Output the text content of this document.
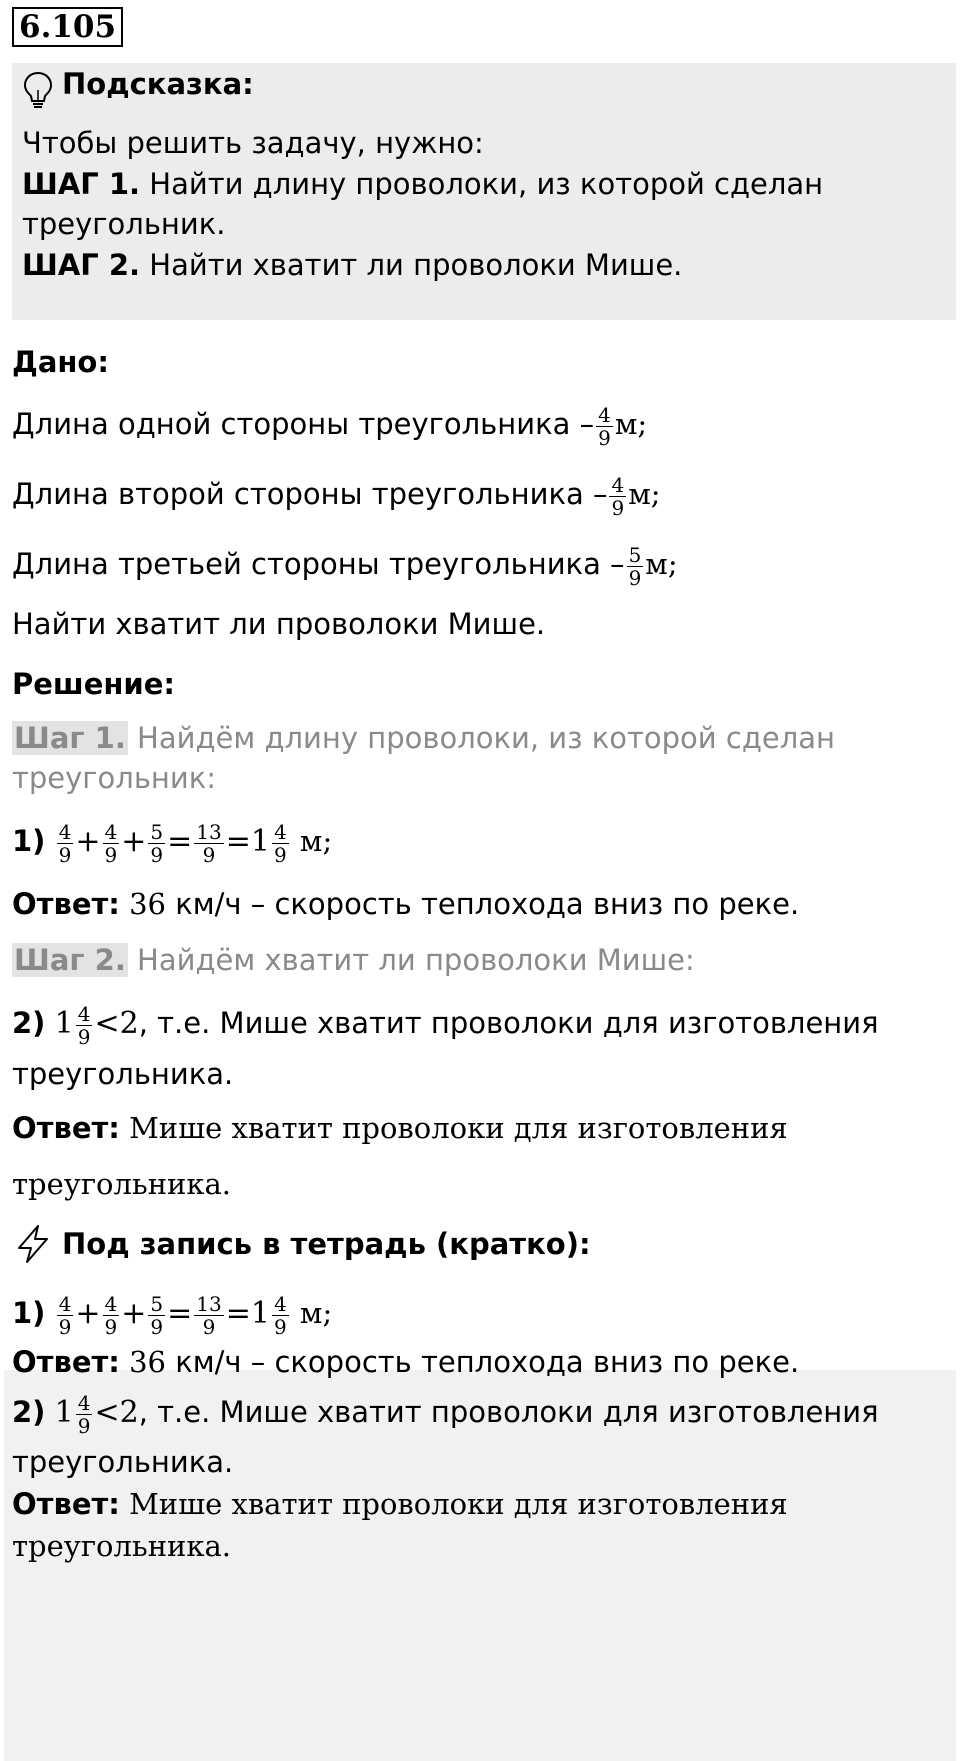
6.105
Подсказка:
Чтобы решить задачу, нужно:
ШАГ 1. Найти длину проволоки, из которой сделан
треугольник.
ШАГ 2. Найти хватит ли проволоки Мише.
Дано:
Длина одной стороны треугольника – $\frac{4}{9} м$;
Длина второй стороны треугольника – $\frac{4}{9} м$;
Длина третьей стороны треугольника – $\frac{5}{9} м$;
Найти хватит ли проволоки Мише.
Решение:
Шаг 1. Найдём длину проволоки, из которой сделан
треугольник:
$1) \frac{4}{9} + \frac{4}{9} + \frac{5}{9} = \frac{13}{9} =1 \frac{4}{9} м$;
Ответ: 36 км/ч – скорость теплохода вниз по реке.
Шаг 2. Найдём хватит ли проволоки Мише:
2) $1 \frac{4}{9} <2$, т.е. Мише хватит проволоки для изготовления
треугольника.
Ответ: Мише хватит проволоки для изготовления
треугольника.
Под запись в тетрадь (кратко):
$1) \frac{4}{9} + \frac{4}{9} + \frac{5}{9} = \frac{13}{9} =1 \frac{4}{9} м$;
Ответ: 36 км/ч – скорость теплохода вниз по реке.
2) $1 \frac{4}{9} <2$, т.е. Мише хватит проволоки для изготовления
треугольника.
Ответ: Мише хватит проволоки для изготовления
треугольника.
